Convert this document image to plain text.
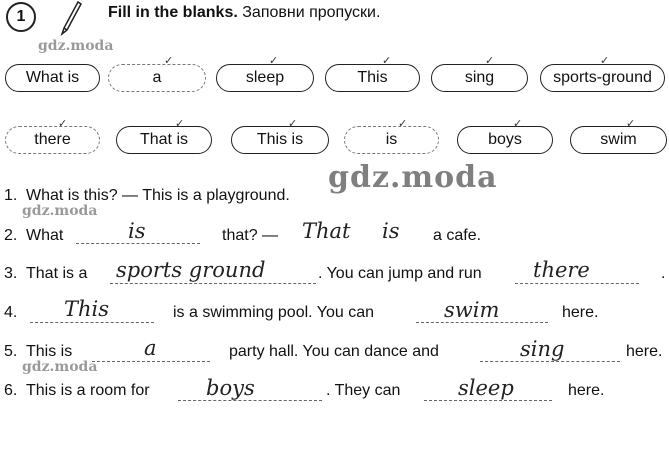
1	Fill in the blanks. Заповни пропуски.
gdz.moda
gdz.moda
gdz.moda
gdz.moda
What is	a	sleep	This	sing	sports-ground
✓	✓	✓	✓	✓
there	That is	This is	is	boys	swim
✓	✓	✓	✓	✓	✓
1. What is this? — This is a playground.
2. What	is	that? — That is a cafe.
3. That is a sports ground	. You can jump and run there	.
4. This	is a swimming pool. You can	swim	here.
5. This is	a	party hall. You can dance and	sing	here.
6. This is a room for	boys	. They can	sleep	here.
